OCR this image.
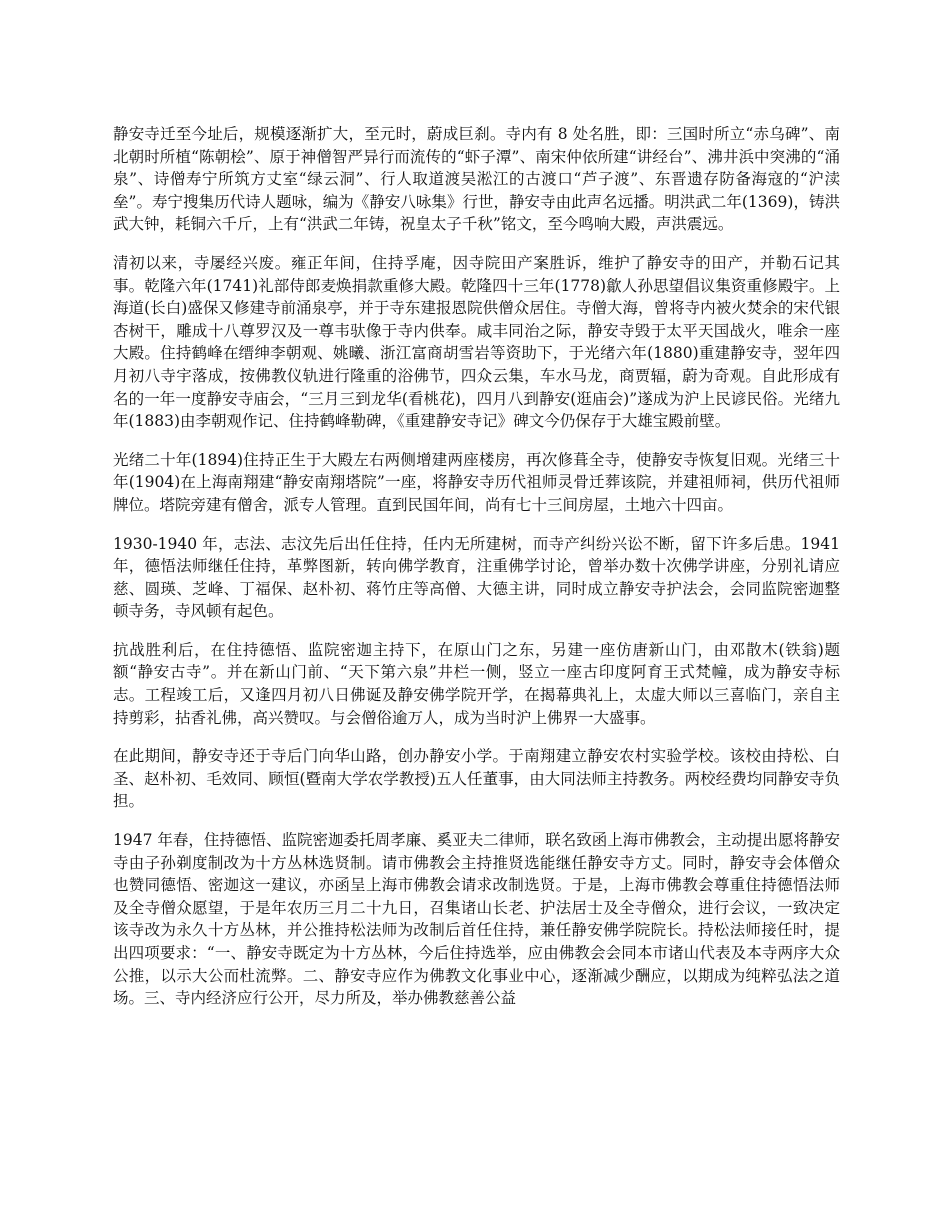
静安寺迁至今址后，规模逐渐扩大，至元时，蔚成巨刹。寺内有 8 处名胜，即：三国时所立“赤乌碑”、南北朝时所植“陈朝桧”、原于神僧智严异行而流传的“虾子潭”、南宋仲依所建“讲经台”、沸井浜中突沸的“涌泉”、诗僧寿宁所筑方丈室“绿云洞”、行人取道渡吴淞江的古渡口“芦子渡”、东晋遗存防备海寇的“沪渎垒”。寿宁搜集历代诗人题咏，编为《静安八咏集》行世，静安寺由此声名远播。明洪武二年(1369)，铸洪武大钟，耗铜六千斤，上有“洪武二年铸，祝皇太子千秋”铭文，至今鸣响大殿，声洪震远。

清初以来，寺屡经兴废。雍正年间，住持孚庵，因寺院田产案胜诉，维护了静安寺的田产，并勒石记其事。乾隆六年(1741)礼部侍郎麦焕捐款重修大殿。乾隆四十三年(1778)歙人孙思望倡议集资重修殿宇。上海道(长白)盛保又修建寺前涌泉亭，并于寺东建报恩院供僧众居住。寺僧大海，曾将寺内被火焚余的宋代银杏树干，雕成十八尊罗汉及一尊韦驮像于寺内供奉。咸丰同治之际，静安寺毁于太平天国战火，唯余一座大殿。住持鹤峰在缙绅李朝观、姚曦、浙江富商胡雪岩等资助下，于光绪六年(1880)重建静安寺，翌年四月初八寺宇落成，按佛教仪轨进行隆重的浴佛节，四众云集，车水马龙，商贾辐，蔚为奇观。自此形成有名的一年一度静安寺庙会，“三月三到龙华(看桃花)，四月八到静安(逛庙会)”遂成为沪上民谚民俗。光绪九年(1883)由李朝观作记、住持鹤峰勒碑，《重建静安寺记》碑文今仍保存于大雄宝殿前壁。

光绪二十年(1894)住持正生于大殿左右两侧增建两座楼房，再次修葺全寺，使静安寺恢复旧观。光绪三十年(1904)在上海南翔建“静安南翔塔院”一座，将静安寺历代祖师灵骨迁葬该院，并建祖师祠，供历代祖师牌位。塔院旁建有僧舍，派专人管理。直到民国年间，尚有七十三间房屋，土地六十四亩。

1930-1940 年，志法、志汶先后出任住持，任内无所建树，而寺产纠纷兴讼不断，留下许多后患。1941 年，德悟法师继任住持，革弊图新，转向佛学教育，注重佛学讨论，曾举办数十次佛学讲座，分别礼请应慈、圆瑛、芝峰、丁福保、赵朴初、蒋竹庄等高僧、大德主讲，同时成立静安寺护法会，会同监院密迦整顿寺务，寺风顿有起色。

抗战胜利后，在住持德悟、监院密迦主持下，在原山门之东，另建一座仿唐新山门，由邓散木(铁翁)题额“静安古寺”。并在新山门前、“天下第六泉”井栏一侧，竖立一座古印度阿育王式梵幢，成为静安寺标志。工程竣工后，又逢四月初八日佛诞及静安佛学院开学，在揭幕典礼上，太虚大师以三喜临门，亲自主持剪彩，拈香礼佛，高兴赞叹。与会僧俗逾万人，成为当时沪上佛界一大盛事。

在此期间，静安寺还于寺后门向华山路，创办静安小学。于南翔建立静安农村实验学校。该校由持松、白圣、赵朴初、毛效同、顾恒(暨南大学农学教授)五人任董事，由大同法师主持教务。两校经费均同静安寺负担。

1947 年春，住持德悟、监院密迦委托周孝廉、奚亚夫二律师，联名致函上海市佛教会，主动提出愿将静安寺由子孙剃度制改为十方丛林选贤制。请市佛教会主持推贤选能继任静安寺方丈。同时，静安寺会体僧众也赞同德悟、密迦这一建议，亦函呈上海市佛教会请求改制选贤。于是，上海市佛教会尊重住持德悟法师及全寺僧众愿望，于是年农历三月二十九日，召集诸山长老、护法居士及全寺僧众，进行会议，一致决定该寺改为永久十方丛林，并公推持松法师为改制后首任住持，兼任静安佛学院院长。持松法师接任时，提出四项要求：“一、静安寺既定为十方丛林，今后住持选举，应由佛教会会同本市诸山代表及本寺两序大众公推，以示大公而杜流弊。二、静安寺应作为佛教文化事业中心，逐渐减少酬应，以期成为纯粹弘法之道场。三、寺内经济应行公开，尽力所及，举办佛教慈善公益
